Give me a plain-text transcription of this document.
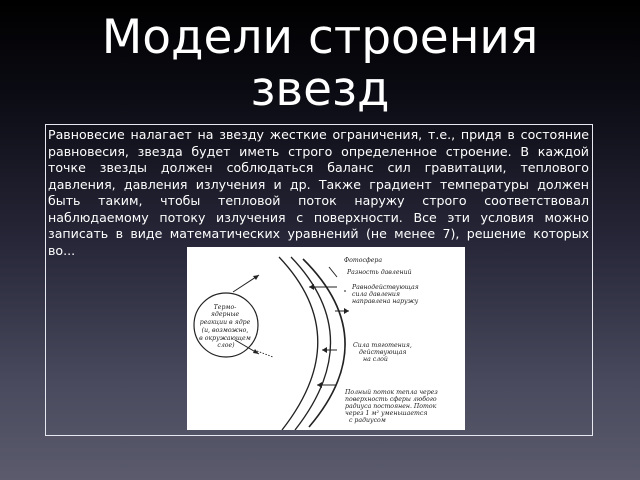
Модели строения
звезд
Равновесие налагает на звезду жесткие ограничения, т.е., придя в состояние равновесия, звезда будет иметь строго определенное строение. В каждой точке звезды должен соблюдаться баланс сил гравитации, теплового давления, давления излучения и др. Также градиент температуры должен быть таким, чтобы тепловой поток наружу строго соответствовал наблюдаемому потоку излучения с поверхности. Все эти условия можно записать в виде математических уравнений (не менее 7), решение которых во...
Термо- ядерные реакции в ядре (и, возможно, в окружающем слое)
Фотосфера
Разность давлений
Равнодействующая сила давления направлена наружу
Сила тяготения, действующая на слой
Полный поток тепла через поверхность сферы любого радиуса постоянен. Поток через 1 м² уменьшается с радиусом
